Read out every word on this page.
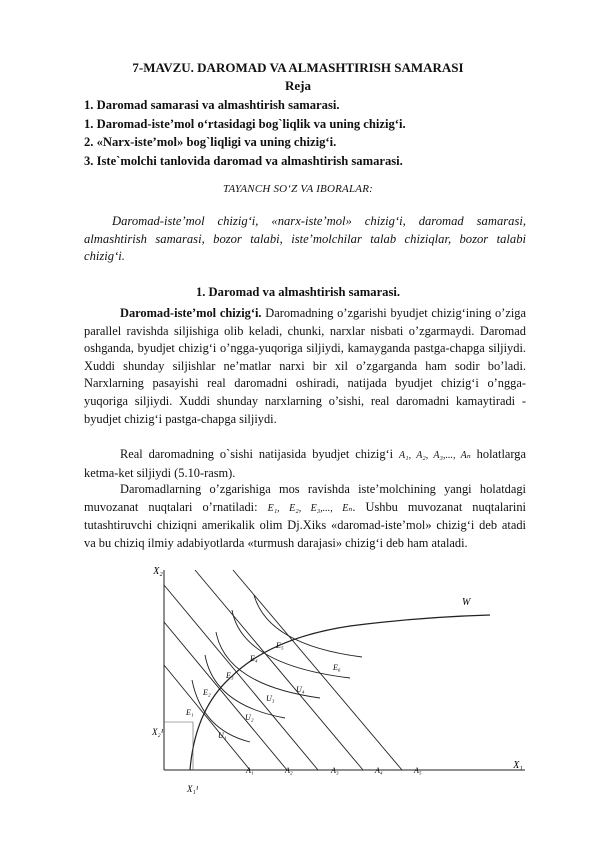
7-MAVZU. DAROMAD VA ALMASHTIRISH SAMARASI
Reja
1. Daromad samarasi va almashtirish samarasi.
1. Daromad-iste’mol o‘rtasidagi bog`liqlik va uning chizig‘i.
2. «Narx-iste’mol» bog`liqligi va uning chizig‘i.
3. Iste`molchi tanlovida daromad va almashtirish samarasi.
TAYANCH SO‘Z VA IBORALAR:
Daromad-iste’mol chizig‘i, «narx-iste’mol» chizig‘i, daromad samarasi, almashtirish samarasi, bozor talabi, iste’molchilar talab chiziqlar, bozor talabi chizig‘i.
1. Daromad va almashtirish samarasi.
Daromad-iste’mol chizig‘i. Daromadning o’zgarishi byudjet chizig‘ining o’ziga parallel ravishda siljishiga olib keladi, chunki, narxlar nisbati o’zgarmaydi. Daromad oshganda, byudjet chizig‘i o’ngga-yuqoriga siljiydi, kamayganda pastga-chapga siljiydi. Xuddi shunday siljishlar ne’matlar narxi bir xil o’zgarganda ham sodir bo’ladi. Narxlarning pasayishi real daromadni oshiradi, natijada byudjet chizig‘i o’ngga-yuqoriga siljiydi. Xuddi shunday narxlarning o’sishi, real daromadni kamaytiradi - byudjet chizig‘i pastga-chapga siljiydi.
Real daromadning o`sishi natijasida byudjet chizig‘i A₁, A₂, A₃,..., Aₙ holatlarga ketma-ket siljiydi (5.10-rasm).
Daromadlarning o’zgarishiga mos ravishda iste’molchining yangi holatdagi muvozanat nuqtalari o’rnatiladi: E₁, E₂, E₃,..., Eₙ. Ushbu muvozanat nuqtalarini tutashtiruvchi chiziqni amerikalik olim Dj.Xiks «daromad-iste’mol» chizig‘i deb atadi va bu chiziq ilmiy adabiyotlarda «turmush darajasi» chizig‘i deb ham ataladi.
X₂
X₁
A₁	A₂	A₃	A₄	A₅
U₁
U₂
U₃
U₄
W
E₁
E₂
E₃
E₄
E₅
E₆
X₂¹
X₁¹
